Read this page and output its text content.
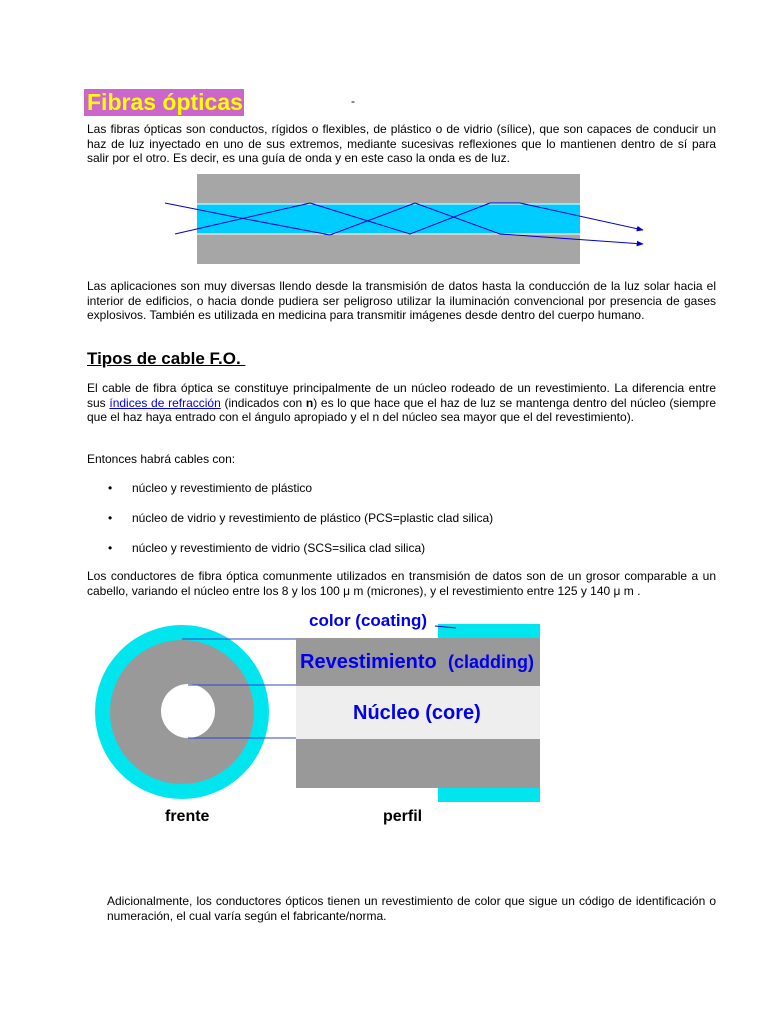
Fibras ópticas	-
Las fibras ópticas son conductos, rígidos o flexibles, de plástico o de vidrio (sílice), que son capaces de conducir un haz de luz inyectado en uno de sus extremos, mediante sucesivas reflexiones que lo mantienen dentro de sí para salir por el otro. Es decir, es una guía de onda y en este caso la onda es de luz.
Las aplicaciones son muy diversas llendo desde la transmisión de datos hasta la conducción de la luz solar hacia el interior de edificios, o hacia donde pudiera ser peligroso utilizar la iluminación convencional por presencia de gases explosivos. También es utilizada en medicina para transmitir imágenes desde dentro del cuerpo humano.
Tipos de cable F.O.
El cable de fibra óptica se constituye principalmente de un núcleo rodeado de un revestimiento. La diferencia entre sus índices de refracción (indicados con n) es lo que hace que el haz de luz se mantenga dentro del núcleo (siempre que el haz haya entrado con el ángulo apropiado y el n del núcleo sea mayor que el del revestimiento).
Entonces habrá cables con:
• núcleo y revestimiento de plástico
• núcleo de vidrio y revestimiento de plástico (PCS=plastic clad silica)
• núcleo y revestimiento de vidrio (SCS=silica clad silica)
Los conductores de fibra óptica comunmente utilizados en transmisión de datos son de un grosor comparable a un cabello, variando el núcleo entre los 8 y los 100 μ m (micrones), y el revestimiento entre 125 y 140 μ m .
color (coating)
Revestimiento (cladding)
Núcleo (core)
frente	perfil
Adicionalmente, los conductores ópticos tienen un revestimiento de color que sigue un código de identificación o numeración, el cual varía según el fabricante/norma.
